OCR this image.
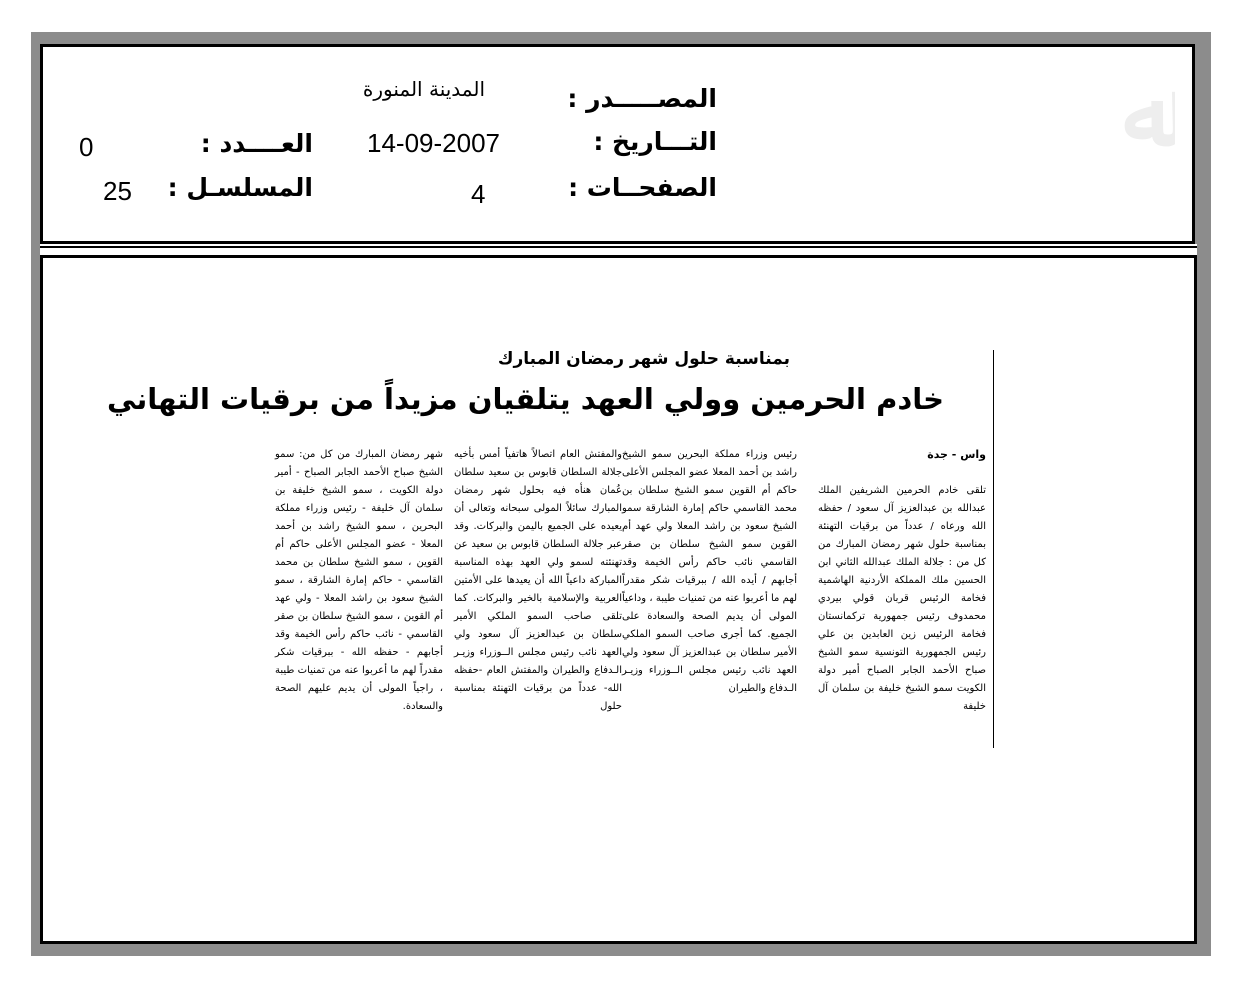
ﷲ
المصـــــدر :
المدينة المنورة
التـــاريخ :
14-09-2007
العــــدد :
0
الصفحــات :
4
المسلسـل :
25
بمناسبة حلول شهر رمضان المبارك
خادم الحرمين وولي العهد يتلقيان مزيداً من برقيات التهاني
واس - جدة

تلقى خادم الحرمين الشريفين الملك عبدالله بن عبدالعزيز آل سعود / حفظه الله ورعاه / عدداً من برقيات التهنئة بمناسبة حلول شهر رمضان المبارك من كل من : جلالة الملك عبدالله الثاني ابن الحسين ملك المملكة الأردنية الهاشمية فخامة الرئيس قربان قولي بيردي محمدوف رئيس جمهورية تركمانستان فخامة الرئيس زين العابدين بن علي رئيس الجمهورية التونسية سمو الشيخ صباح الأحمد الجابر الصباح أمير دولة الكويت سمو الشيخ خليفة بن سلمان آل خليفة

رئيس وزراء مملكة البحرين سمو الشيخ راشد بن أحمد المعلا عضو المجلس الأعلى حاكم أم القوين سمو الشيخ سلطان بن محمد القاسمي حاكم إمارة الشارقة سمو الشيخ سعود بن راشد المعلا ولي عهد أم القوين سمو الشيخ سلطان بن صقر القاسمي نائب حاكم رأس الخيمة وقد أجابهم / أيده الله / ببرقيات شكر مقدراً لهم ما أعربوا عنه من تمنيات طيبة ، وداعياً المولى أن يديم الصحة والسعادة على الجميع. كما أجرى صاحب السمو الملكي الأمير سلطان بن عبدالعزيز آل سعود ولي العهد نائب رئيس مجلس الــوزراء وزيـر الـدفاع والطيران

والمفتش العام اتصالاً هاتفياً أمس بأخيه جلالة السلطان قابوس بن سعيد سلطان عُمان هنأه فيه بحلول شهر رمضان المبارك سائلاً المولى سبحانه وتعالى أن يعيده على الجميع باليمن والبركات. وقد عبر جلالة السلطان قابوس بن سعيد عن تهنئته لسمو ولي العهد بهذه المناسبة المباركة داعياً الله أن يعيدها على الأمتين العربية والإسلامية بالخير والبركات. كما تلقى صاحب السمو الملكي الأمير سلطان بن عبدالعزيز آل سعود ولي العهد نائب رئيس مجلس الــوزراء وزيـر الـدفاع والطيران والمفتش العام -حفظه الله- عدداً من برقيات التهنئة بمناسبة حلول

شهر رمضان المبارك من كل من: سمو الشيخ صباح الأحمد الجابر الصباح - أمير دولة الكويت ، سمو الشيخ خليفة بن سلمان آل خليفة - رئيس وزراء مملكة البحرين ، سمو الشيخ راشد بن أحمد المعلا - عضو المجلس الأعلى حاكم أم القوين ، سمو الشيخ سلطان بن محمد القاسمي - حاكم إمارة الشارقة ، سمو الشيخ سعود بن راشد المعلا - ولي عهد أم القوين ، سمو الشيخ سلطان بن صقر القاسمي - نائب حاكم رأس الخيمة وقد أجابهم - حفظه الله - ببرقيات شكر مقدراً لهم ما أعربوا عنه من تمنيات طيبة ، راجياً المولى أن يديم عليهم الصحة والسعادة.
